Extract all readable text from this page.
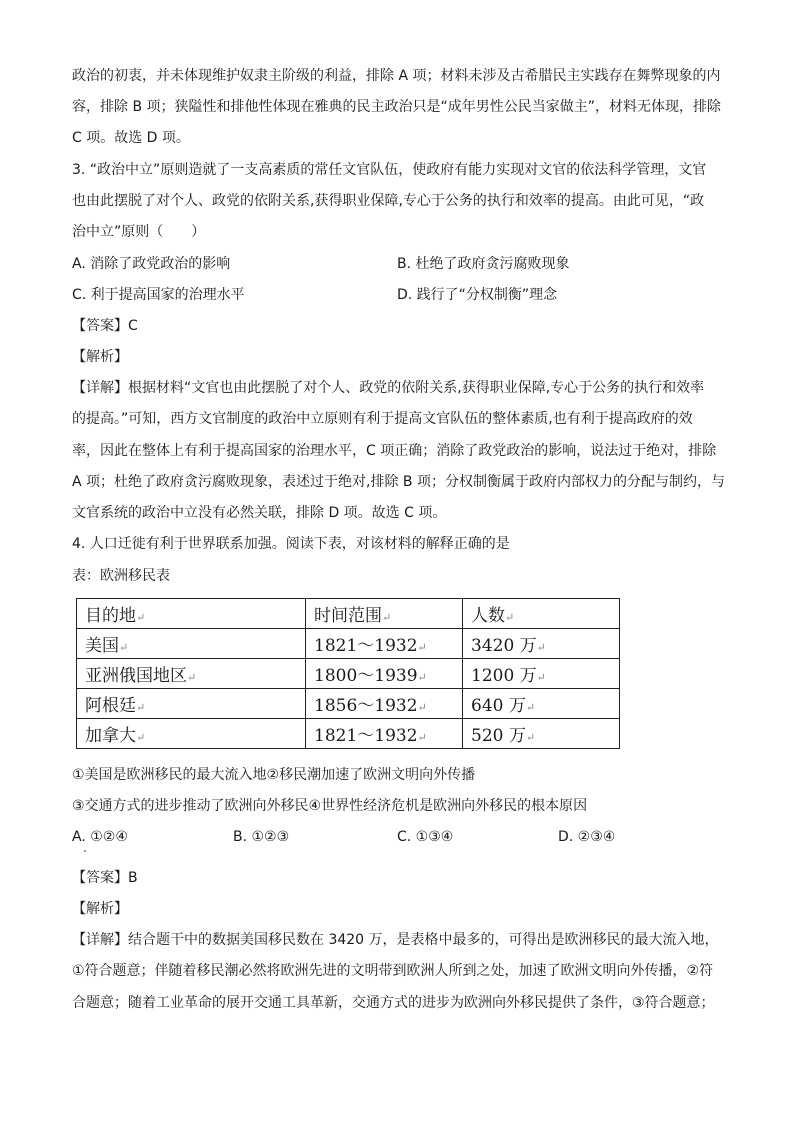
政治的初衷，并未体现维护奴隶主阶级的利益，排除 A 项；材料未涉及古希腊民主实践存在舞弊现象的内
容，排除 B 项；狭隘性和排他性体现在雅典的民主政治只是“成年男性公民当家做主”，材料无体现，排除
C 项。故选 D 项。
3. “政治中立”原则造就了一支高素质的常任文官队伍，使政府有能力实现对文官的依法科学管理，文官
也由此摆脱了对个人、政党的依附关系,获得职业保障,专心于公务的执行和效率的提高。由此可见，“政
治中立”原则（　　）
A. 消除了政党政治的影响	B. 杜绝了政府贪污腐败现象
C. 利于提高国家的治理水平	D. 践行了“分权制衡”理念
【答案】C
【解析】
【详解】根据材料“文官也由此摆脱了对个人、政党的依附关系,获得职业保障,专心于公务的执行和效率
的提高。”可知，西方文官制度的政治中立原则有利于提高文官队伍的整体素质,也有利于提高政府的效
率，因此在整体上有利于提高国家的治理水平，C 项正确；消除了政党政治的影响，说法过于绝对，排除
A 项；杜绝了政府贪污腐败现象，表述过于绝对,排除 B 项；分权制衡属于政府内部权力的分配与制约，与
文官系统的政治中立没有必然关联，排除 D 项。故选 C 项。
4. 人口迁徙有利于世界联系加强。阅读下表，对该材料的解释正确的是
表：欧洲移民表
目的地↵	时间范围↵	人数↵
美国↵	1821～1932↵	3420 万↵
亚洲俄国地区↵	1800～1939↵	1200 万↵
阿根廷↵	1856～1932↵	640 万↵
加拿大↵	1821～1932↵	520 万↵
①美国是欧洲移民的最大流入地②移民潮加速了欧洲文明向外传播
③交通方式的进步推动了欧洲向外移民④世界性经济危机是欧洲向外移民的根本原因
A. ①②④	B. ①②③	C. ①③④	D. ②③④
【答案】B
【解析】
【详解】结合题干中的数据美国移民数在 3420 万，是表格中最多的，可得出是欧洲移民的最大流入地，
①符合题意；伴随着移民潮必然将欧洲先进的文明带到欧洲人所到之处，加速了欧洲文明向外传播，②符
合题意；随着工业革命的展开交通工具革新，交通方式的进步为欧洲向外移民提供了条件，③符合题意；
